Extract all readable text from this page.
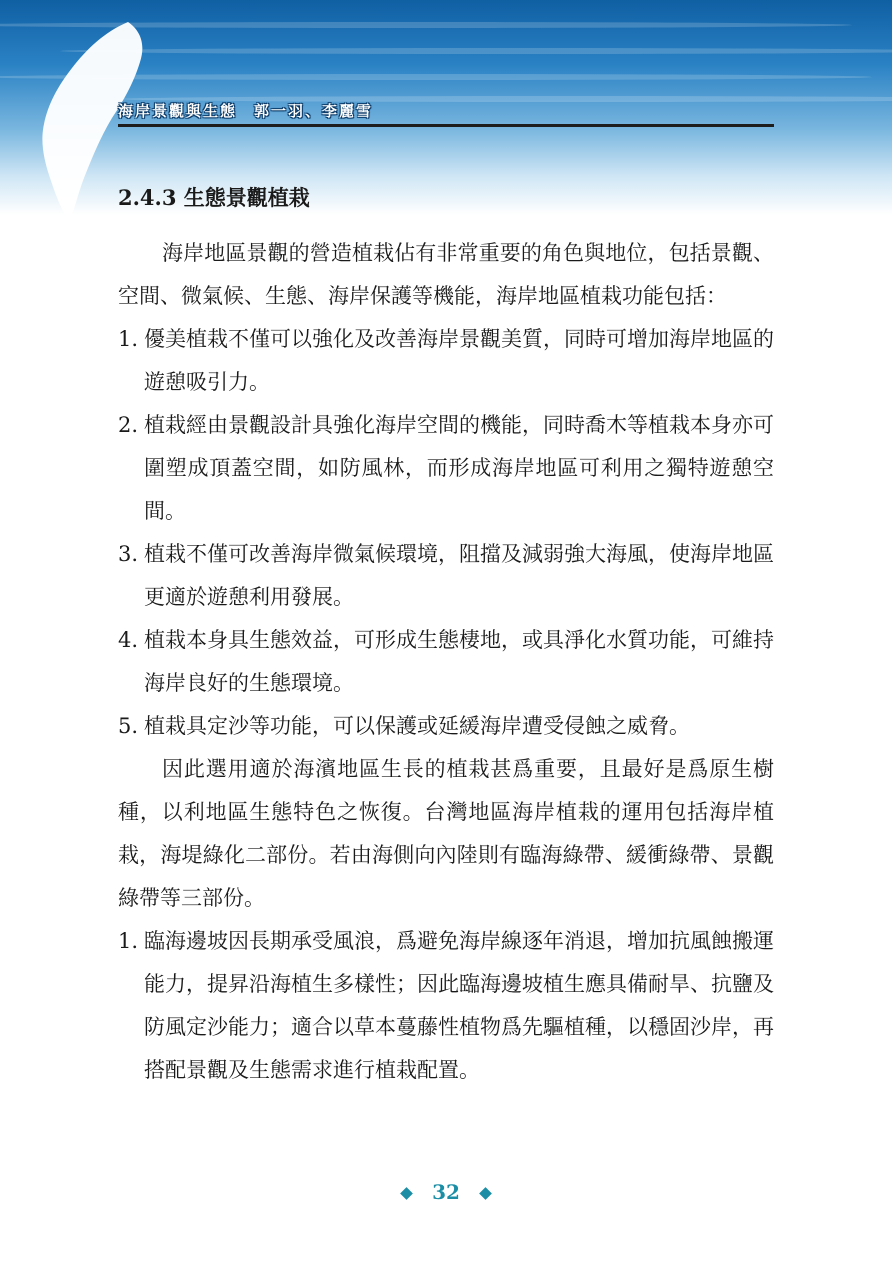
海岸景觀與生態　郭一羽、李麗雪
2.4.3 生態景觀植栽

海岸地區景觀的營造植栽佔有非常重要的角色與地位，包括景觀、空間、微氣候、生態、海岸保護等機能，海岸地區植栽功能包括：

1. 優美植栽不僅可以強化及改善海岸景觀美質，同時可增加海岸地區的遊憩吸引力。

2. 植栽經由景觀設計具強化海岸空間的機能，同時喬木等植栽本身亦可圍塑成頂蓋空間，如防風林，而形成海岸地區可利用之獨特遊憩空間。

3. 植栽不僅可改善海岸微氣候環境，阻擋及減弱強大海風，使海岸地區更適於遊憩利用發展。

4. 植栽本身具生態效益，可形成生態棲地，或具淨化水質功能，可維持海岸良好的生態環境。

5. 植栽具定沙等功能，可以保護或延緩海岸遭受侵蝕之威脅。

因此選用適於海濱地區生長的植栽甚爲重要，且最好是爲原生樹種，以利地區生態特色之恢復。台灣地區海岸植栽的運用包括海岸植栽，海堤綠化二部份。若由海側向內陸則有臨海綠帶、緩衝綠帶、景觀綠帶等三部份。

1. 臨海邊坡因長期承受風浪，爲避免海岸線逐年消退，增加抗風蝕搬運能力，提昇沿海植生多樣性；因此臨海邊坡植生應具備耐旱、抗鹽及防風定沙能力；適合以草本蔓藤性植物爲先驅植種，以穩固沙岸，再搭配景觀及生態需求進行植栽配置。

32
